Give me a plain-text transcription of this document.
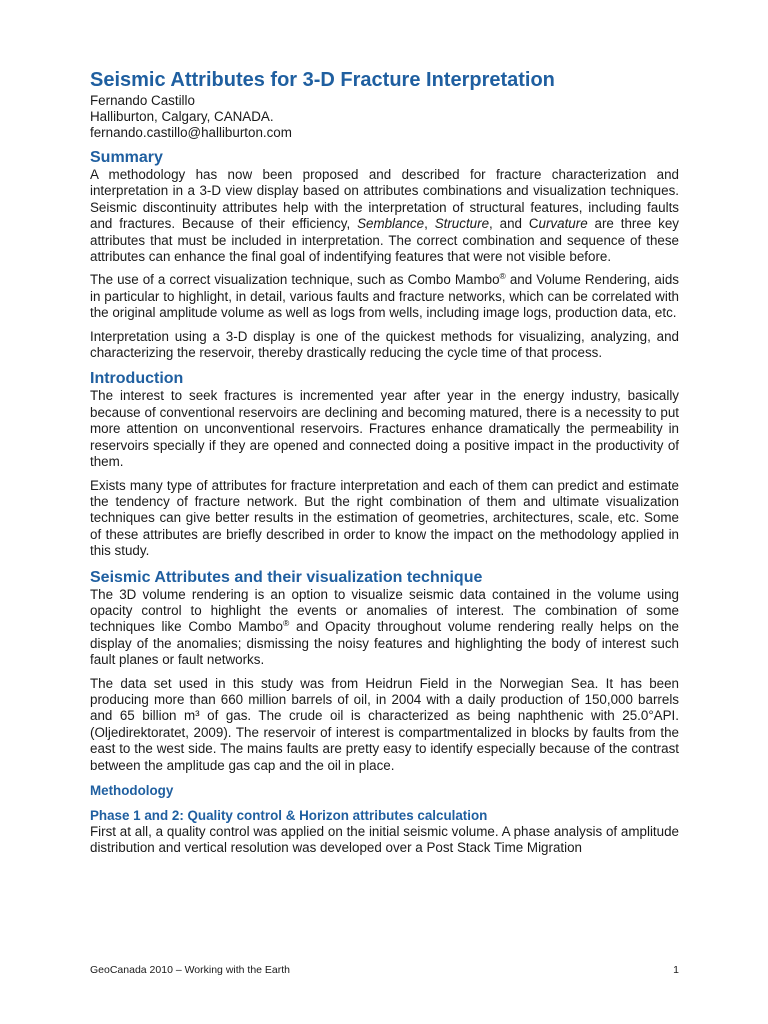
Seismic Attributes for 3-D Fracture Interpretation
Fernando Castillo
Halliburton, Calgary, CANADA.
fernando.castillo@halliburton.com
Summary

A methodology has now been proposed and described for fracture characterization and interpretation in a 3-D view display based on attributes combinations and visualization techniques. Seismic discontinuity attributes help with the interpretation of structural features, including faults and fractures. Because of their efficiency, Semblance, Structure, and Curvature are three key attributes that must be included in interpretation. The correct combination and sequence of these attributes can enhance the final goal of indentifying features that were not visible before.

The use of a correct visualization technique, such as Combo Mambo® and Volume Rendering, aids in particular to highlight, in detail, various faults and fracture networks, which can be correlated with the original amplitude volume as well as logs from wells, including image logs, production data, etc.

Interpretation using a 3-D display is one of the quickest methods for visualizing, analyzing, and characterizing the reservoir, thereby drastically reducing the cycle time of that process.

Introduction

The interest to seek fractures is incremented year after year in the energy industry, basically because of conventional reservoirs are declining and becoming matured, there is a necessity to put more attention on unconventional reservoirs. Fractures enhance dramatically the permeability in reservoirs specially if they are opened and connected doing a positive impact in the productivity of them.

Exists many type of attributes for fracture interpretation and each of them can predict and estimate the tendency of fracture network. But the right combination of them and ultimate visualization techniques can give better results in the estimation of geometries, architectures, scale, etc. Some of these attributes are briefly described in order to know the impact on the methodology applied in this study.

Seismic Attributes and their visualization technique

The 3D volume rendering is an option to visualize seismic data contained in the volume using opacity control to highlight the events or anomalies of interest. The combination of some techniques like Combo Mambo® and Opacity throughout volume rendering really helps on the display of the anomalies; dismissing the noisy features and highlighting the body of interest such fault planes or fault networks.

The data set used in this study was from Heidrun Field in the Norwegian Sea. It has been producing more than 660 million barrels of oil, in 2004 with a daily production of 150,000 barrels and 65 billion m³ of gas. The crude oil is characterized as being naphthenic with 25.0°API. (Oljedirektoratet, 2009). The reservoir of interest is compartmentalized in blocks by faults from the east to the west side. The mains faults are pretty easy to identify especially because of the contrast between the amplitude gas cap and the oil in place.

Methodology
Phase 1 and 2: Quality control & Horizon attributes calculation

First at all, a quality control was applied on the initial seismic volume. A phase analysis of amplitude distribution and vertical resolution was developed over a Post Stack Time Migration

GeoCanada 2010 – Working with the Earth	1
